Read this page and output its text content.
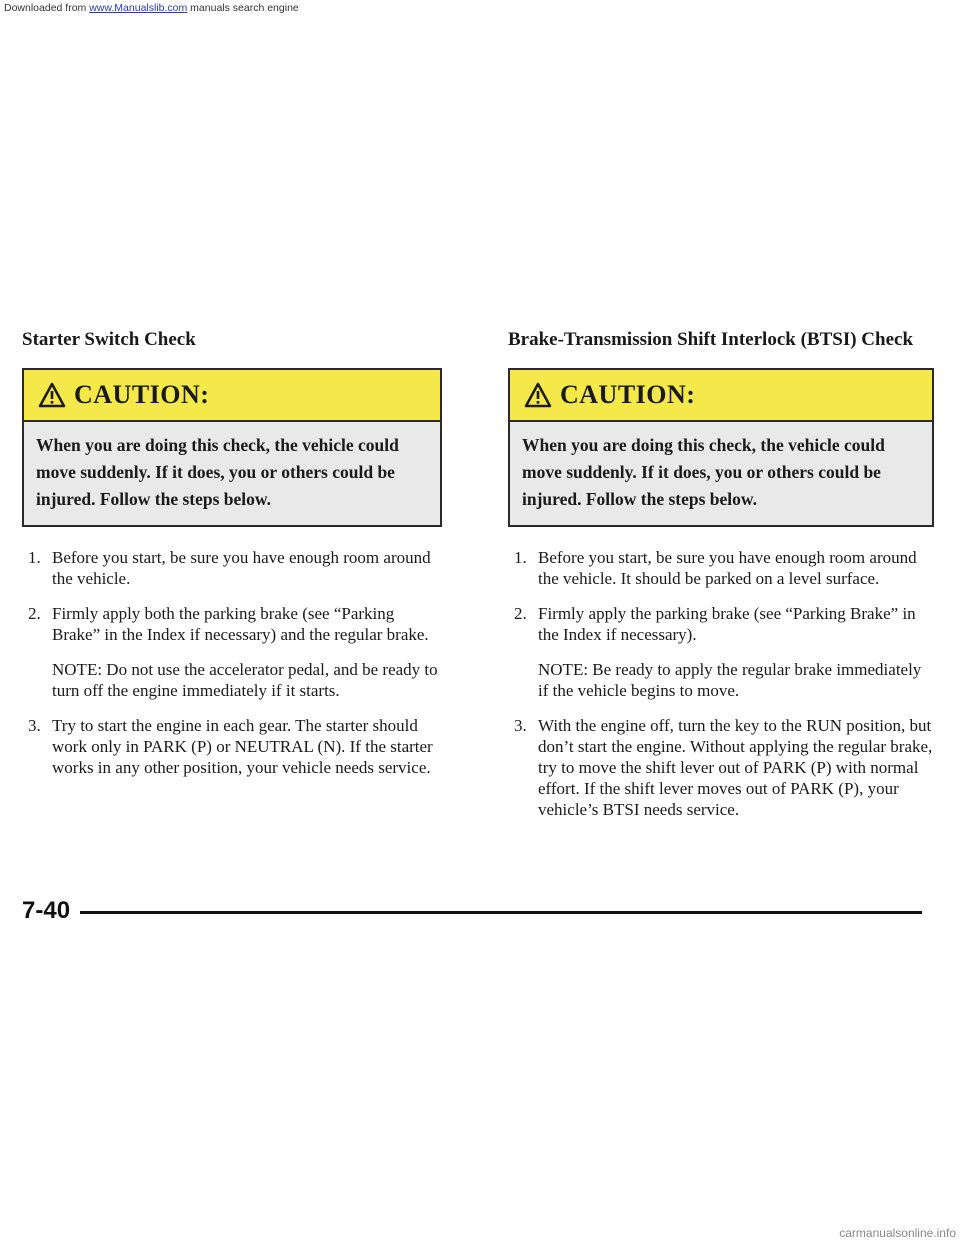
Downloaded from www.Manualslib.com manuals search engine
Starter Switch Check
CAUTION:
When you are doing this check, the vehicle could move suddenly. If it does, you or others could be injured. Follow the steps below.
1. Before you start, be sure you have enough room around the vehicle.
2. Firmly apply both the parking brake (see “Parking Brake” in the Index if necessary) and the regular brake.
NOTE: Do not use the accelerator pedal, and be ready to turn off the engine immediately if it starts.
3. Try to start the engine in each gear. The starter should work only in PARK (P) or NEUTRAL (N). If the starter works in any other position, your vehicle needs service.
Brake-Transmission Shift Interlock (BTSI) Check
CAUTION:
When you are doing this check, the vehicle could move suddenly. If it does, you or others could be injured. Follow the steps below.
1. Before you start, be sure you have enough room around the vehicle. It should be parked on a level surface.
2. Firmly apply the parking brake (see “Parking Brake” in the Index if necessary).
NOTE: Be ready to apply the regular brake immediately if the vehicle begins to move.
3. With the engine off, turn the key to the RUN position, but don’t start the engine. Without applying the regular brake, try to move the shift lever out of PARK (P) with normal effort. If the shift lever moves out of PARK (P), your vehicle’s BTSI needs service.
7-40
carmanualsonline.info
